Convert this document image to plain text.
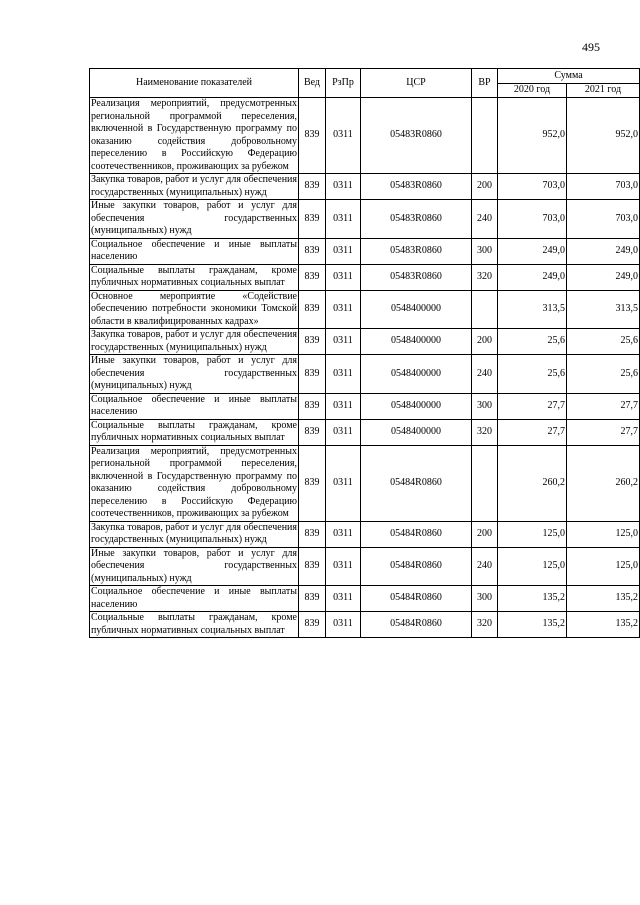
495
Наименование показателей	Вед	РзПр	ЦСР	ВР	Сумма	
					2020 год	2021 год
Реализация мероприятий, предусмотренных региональной программой переселения, включенной в Государственную программу по оказанию содействия добровольному переселению в Российскую Федерацию соотечественников, проживающих за рубежом	839	0311	05483R0860		952,0	952,0
Закупка товаров, работ и услуг для обеспечения государственных (муниципальных) нужд	839	0311	05483R0860	200	703,0	703,0
Иные закупки товаров, работ и услуг для обеспечения государственных (муниципальных) нужд	839	0311	05483R0860	240	703,0	703,0
Социальное обеспечение и иные выплаты населению	839	0311	05483R0860	300	249,0	249,0
Социальные выплаты гражданам, кроме публичных нормативных социальных выплат	839	0311	05483R0860	320	249,0	249,0
Основное мероприятие «Содействие обеспечению потребности экономики Томской области в квалифицированных кадрах»	839	0311	0548400000		313,5	313,5
Закупка товаров, работ и услуг для обеспечения государственных (муниципальных) нужд	839	0311	0548400000	200	25,6	25,6
Иные закупки товаров, работ и услуг для обеспечения государственных (муниципальных) нужд	839	0311	0548400000	240	25,6	25,6
Социальное обеспечение и иные выплаты населению	839	0311	0548400000	300	27,7	27,7
Социальные выплаты гражданам, кроме публичных нормативных социальных выплат	839	0311	0548400000	320	27,7	27,7
Реализация мероприятий, предусмотренных региональной программой переселения, включенной в Государственную программу по оказанию содействия добровольному переселению в Российскую Федерацию соотечественников, проживающих за рубежом	839	0311	05484R0860		260,2	260,2
Закупка товаров, работ и услуг для обеспечения государственных (муниципальных) нужд	839	0311	05484R0860	200	125,0	125,0
Иные закупки товаров, работ и услуг для обеспечения государственных (муниципальных) нужд	839	0311	05484R0860	240	125,0	125,0
Социальное обеспечение и иные выплаты населению	839	0311	05484R0860	300	135,2	135,2
Социальные выплаты гражданам, кроме публичных нормативных социальных выплат	839	0311	05484R0860	320	135,2	135,2
